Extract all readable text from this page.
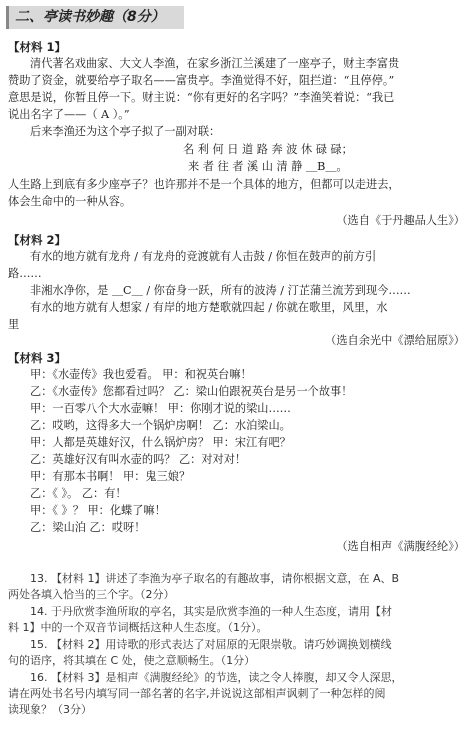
二、亭读书妙趣（8分）
【材料 1】
清代著名戏曲家、大文人李渔，在家乡浙江兰溪建了一座亭子，财主李富贵
赞助了资金，就要给亭子取名——富贵亭。李渔觉得不好，阻拦道：“且停停。”
意思是说，你暂且停一下。财主说：“你有更好的名字吗？”李渔笑着说：“我已
说出名字了——（ A ）。”
后来李渔还为这个亭子拟了一副对联：
名 利 何 日 道 路 奔 波 休 碌 碌；
来 者 往 者 溪 山 清 静 ＿B＿。
人生路上到底有多少座亭子？也许那并不是一个具体的地方，但都可以走进去，
体会生命中的一种从容。
（选自《于丹趣品人生》）
【材料 2】
有水的地方就有龙舟 / 有龙舟的竞渡就有人击鼓 / 你恒在鼓声的前方引
路……
非湘水净你，是 ＿C＿ / 你奋身一跃，所有的波涛 / 汀芷蒲兰流芳到现今……
有水的地方就有人想家 / 有岸的地方楚歌就四起 / 你就在歌里，风里，水
里
（选自余光中《漂给屈原》）
【材料 3】
甲：《水壶传》我也爱看。 甲：和祝英台嘛！
乙：《水壶传》您都看过吗？ 乙：梁山伯跟祝英台是另一个故事！
甲：一百零八个大水壶嘛！ 甲：你刚才说的梁山……
乙：哎哟，这得多大一个锅炉房啊！ 乙：水泊梁山。
甲：人都是英雄好汉，什么锅炉房？ 甲：宋江有吧？
乙：英雄好汉有叫水壶的吗？ 乙：对对对！
甲：有那本书啊！ 甲：鬼三娘？
乙：《 》。 乙：有！
甲：《 》？ 甲：化蝶了嘛！
乙：梁山泊 乙：哎呀！
（选自相声《满腹经纶》）
13. 【材料 1】讲述了李渔为亭子取名的有趣故事，请你根据文意，在 A、B
两处各填入恰当的三个字。（2分）
14. 于丹欣赏李渔所取的亭名，其实是欣赏李渔的一种人生态度，请用【材
料 1】中的一个双音节词概括这种人生态度。（1分）。
15. 【材料 2】用诗歌的形式表达了对屈原的无限崇敬。请巧妙调换划横线
句的语序，将其填在 C 处，使之意顺畅生。（1分）
16. 【材料 3】是相声《满腹经纶》的节选，读之令人捧腹，却又令人深思，
请在两处书名号内填写同一部名著的名字,并说说这部相声讽刺了一种怎样的阅
读现象？（3分）
